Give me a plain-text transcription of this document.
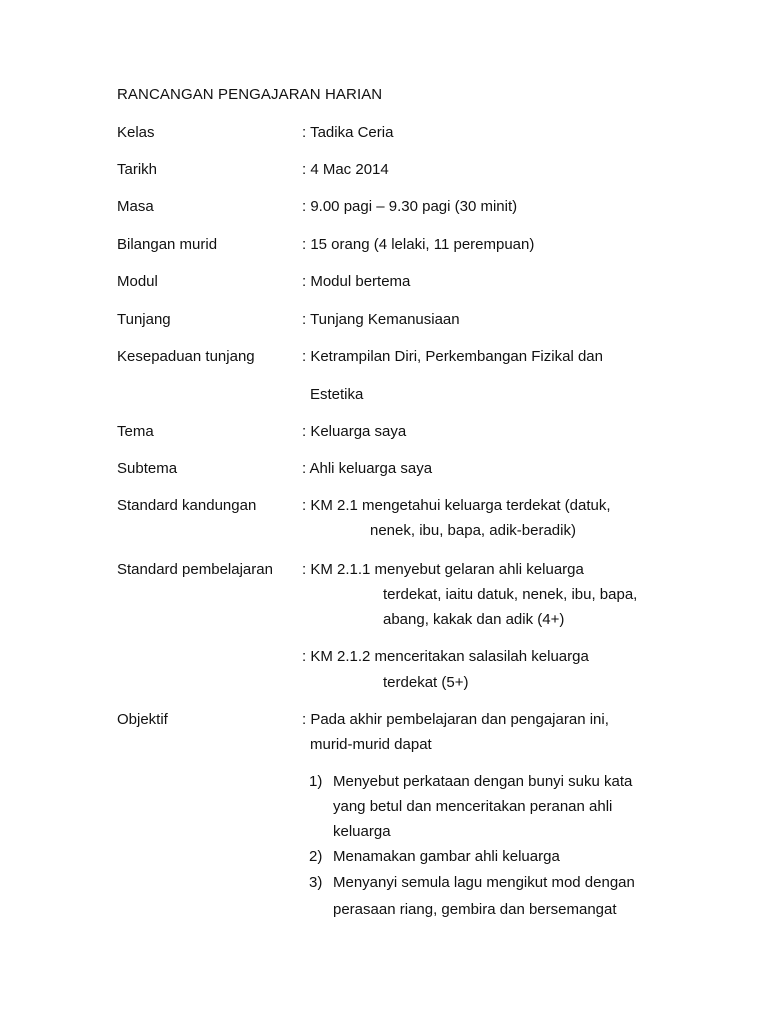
RANCANGAN PENGAJARAN HARIAN
Kelas	: Tadika Ceria
Tarikh	: 4 Mac 2014
Masa	: 9.00 pagi – 9.30 pagi (30 minit)
Bilangan murid	: 15 orang (4 lelaki, 11 perempuan)
Modul	: Modul bertema
Tunjang	: Tunjang Kemanusiaan
Kesepaduan tunjang	: Ketrampilan Diri, Perkembangan Fizikal dan
Estetika
Tema	: Keluarga saya
Subtema	: Ahli keluarga saya
Standard kandungan	: KM 2.1 mengetahui keluarga terdekat (datuk,
nenek, ibu, bapa, adik-beradik)
Standard pembelajaran : KM 2.1.1 menyebut gelaran ahli keluarga
terdekat, iaitu datuk, nenek, ibu, bapa,
abang, kakak dan adik (4+)
: KM 2.1.2 menceritakan salasilah keluarga
terdekat (5+)
Objektif	: Pada akhir pembelajaran dan pengajaran ini,
murid-murid dapat
1) Menyebut perkataan dengan bunyi suku kata
yang betul dan menceritakan peranan ahli
keluarga
2) Menamakan gambar ahli keluarga
3) Menyanyi semula lagu mengikut mod dengan
perasaan riang, gembira dan bersemangat
